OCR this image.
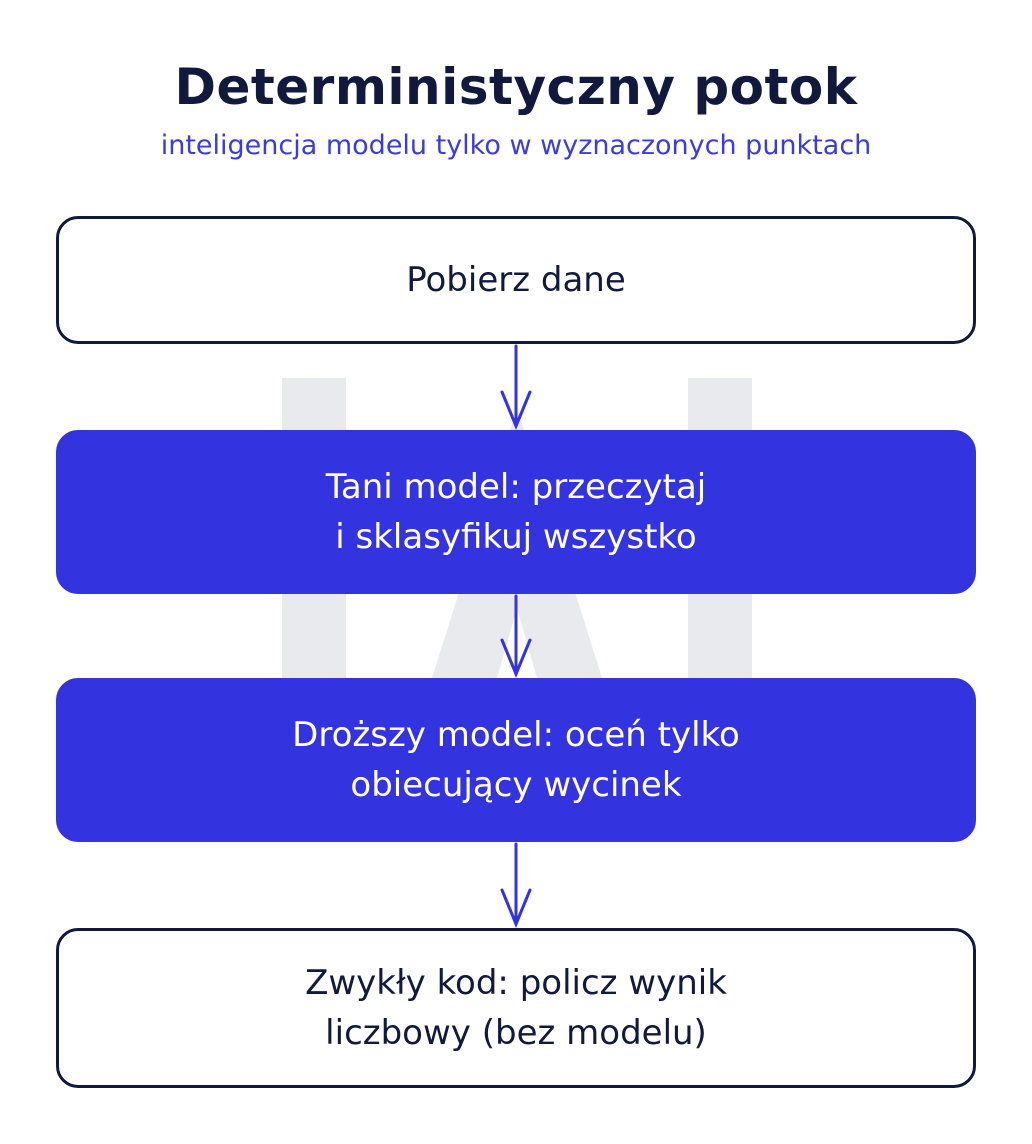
Deterministyczny potok
inteligencja modelu tylko w wyznaczonych punktach
Pobierz dane
Tani model: przeczytaj
i sklasyfikuj wszystko
Droższy model: oceń tylko
obiecujący wycinek
Zwykły kod: policz wynik
liczbowy (bez modelu)
